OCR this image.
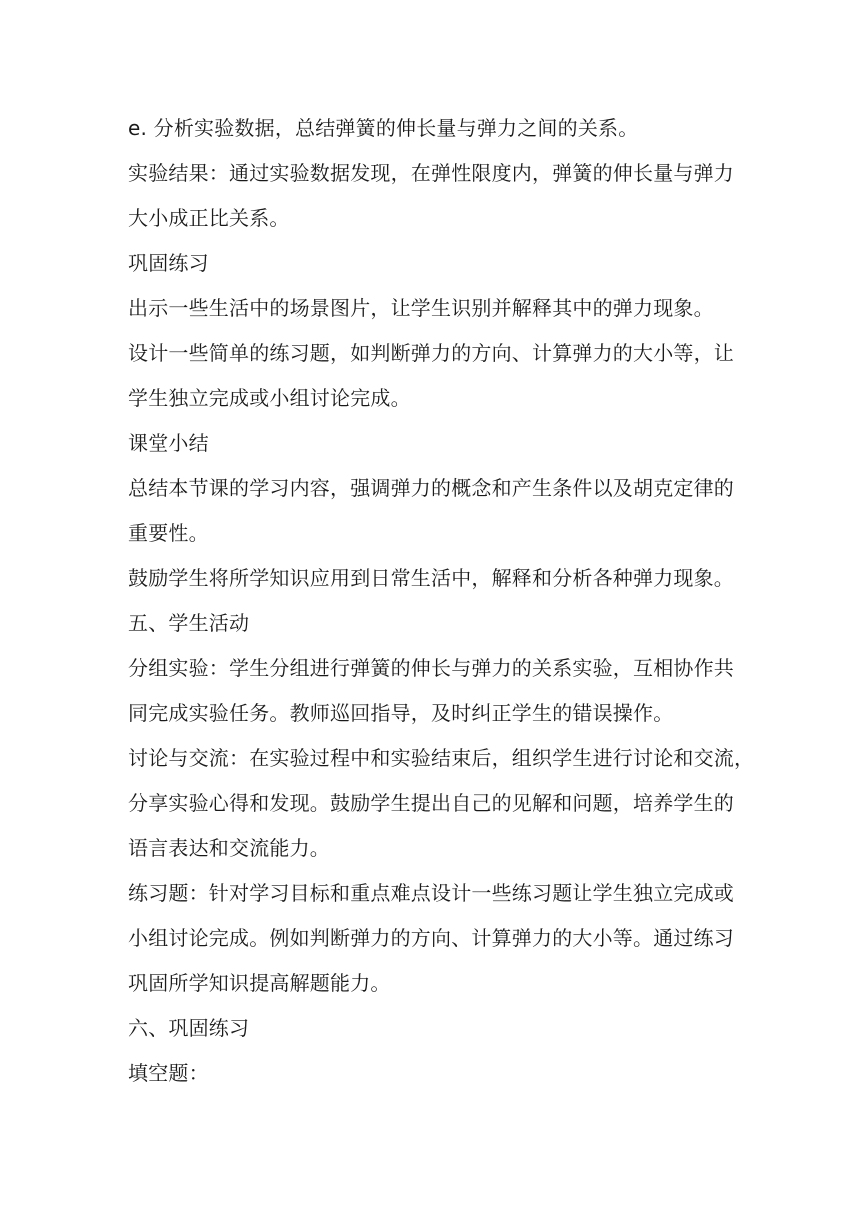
e. 分析实验数据，总结弹簧的伸长量与弹力之间的关系。
实验结果：通过实验数据发现，在弹性限度内，弹簧的伸长量与弹力
大小成正比关系。
巩固练习
出示一些生活中的场景图片，让学生识别并解释其中的弹力现象。
设计一些简单的练习题，如判断弹力的方向、计算弹力的大小等，让
学生独立完成或小组讨论完成。
课堂小结
总结本节课的学习内容，强调弹力的概念和产生条件以及胡克定律的
重要性。
鼓励学生将所学知识应用到日常生活中，解释和分析各种弹力现象。
五、学生活动
分组实验：学生分组进行弹簧的伸长与弹力的关系实验，互相协作共
同完成实验任务。教师巡回指导，及时纠正学生的错误操作。
讨论与交流：在实验过程中和实验结束后，组织学生进行讨论和交流，
分享实验心得和发现。鼓励学生提出自己的见解和问题，培养学生的
语言表达和交流能力。
练习题：针对学习目标和重点难点设计一些练习题让学生独立完成或
小组讨论完成。例如判断弹力的方向、计算弹力的大小等。通过练习
巩固所学知识提高解题能力。
六、巩固练习
填空题：
